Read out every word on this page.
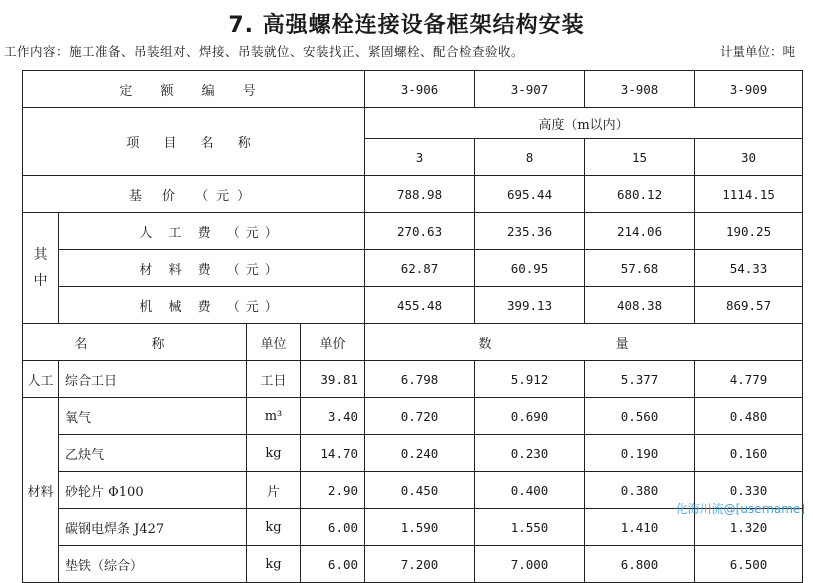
7. 高强螺栓连接设备框架结构安装
工作内容：施工准备、吊装组对、焊接、吊装就位、安装找正、紧固螺栓、配合检查验收。	计量单位：吨
定 额 编 号				3-906	3-907	3-908	3-909
项 目 名 称				高度（m以内）			
				3	8	15	30
基 价 （元）				788.98	695.44	680.12	1114.15
其中	人 工 费 （元）			270.63	235.36	214.06	190.25
	材 料 费 （元）			62.87	60.95	57.68	54.33
	机 械 费 （元）			455.48	399.13	408.38	869.57
名 称		单位	单价	数 量			
人工	综合工日	工日	39.81	6.798	5.912	5.377	4.779
材料	氧气	m³	3.40	0.720	0.690	0.560	0.480
	乙炔气	kg	14.70	0.240	0.230	0.190	0.160
	砂轮片 Φ100	片	2.90	0.450	0.400	0.380	0.330
	碳钢电焊条 J427	kg	6.00	1.590	1.550	1.410	1.320
	垫铁（综合）	kg	6.00	7.200	7.000	6.800	6.500
化海川流@[username]
